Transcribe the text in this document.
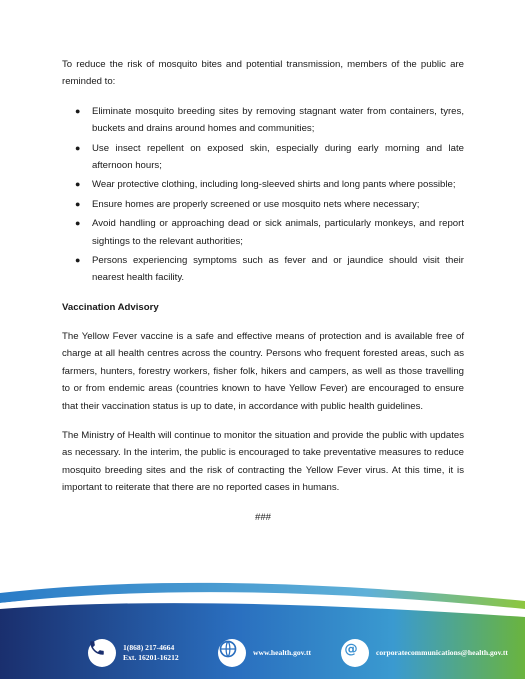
To reduce the risk of mosquito bites and potential transmission, members of the public are reminded to:

● Eliminate mosquito breeding sites by removing stagnant water from containers, tyres, buckets and drains around homes and communities;
● Use insect repellent on exposed skin, especially during early morning and late afternoon hours;
● Wear protective clothing, including long-sleeved shirts and long pants where possible;
● Ensure homes are properly screened or use mosquito nets where necessary;
● Avoid handling or approaching dead or sick animals, particularly monkeys, and report sightings to the relevant authorities;
● Persons experiencing symptoms such as fever and or jaundice should visit their nearest health facility.
Vaccination Advisory

The Yellow Fever vaccine is a safe and effective means of protection and is available free of charge at all health centres across the country. Persons who frequent forested areas, such as farmers, hunters, forestry workers, fisher folk, hikers and campers, as well as those travelling to or from endemic areas (countries known to have Yellow Fever) are encouraged to ensure that their vaccination status is up to date, in accordance with public health guidelines.

The Ministry of Health will continue to monitor the situation and provide the public with updates as necessary. In the interim, the public is encouraged to take preventative measures to reduce mosquito breeding sites and the risk of contracting the Yellow Fever virus. At this time, it is important to reiterate that there are no reported cases in humans.

###
1(868) 217-4664
Ext. 16201-16212
www.health.gov.tt @ corporatecommunications@health.gov.tt
